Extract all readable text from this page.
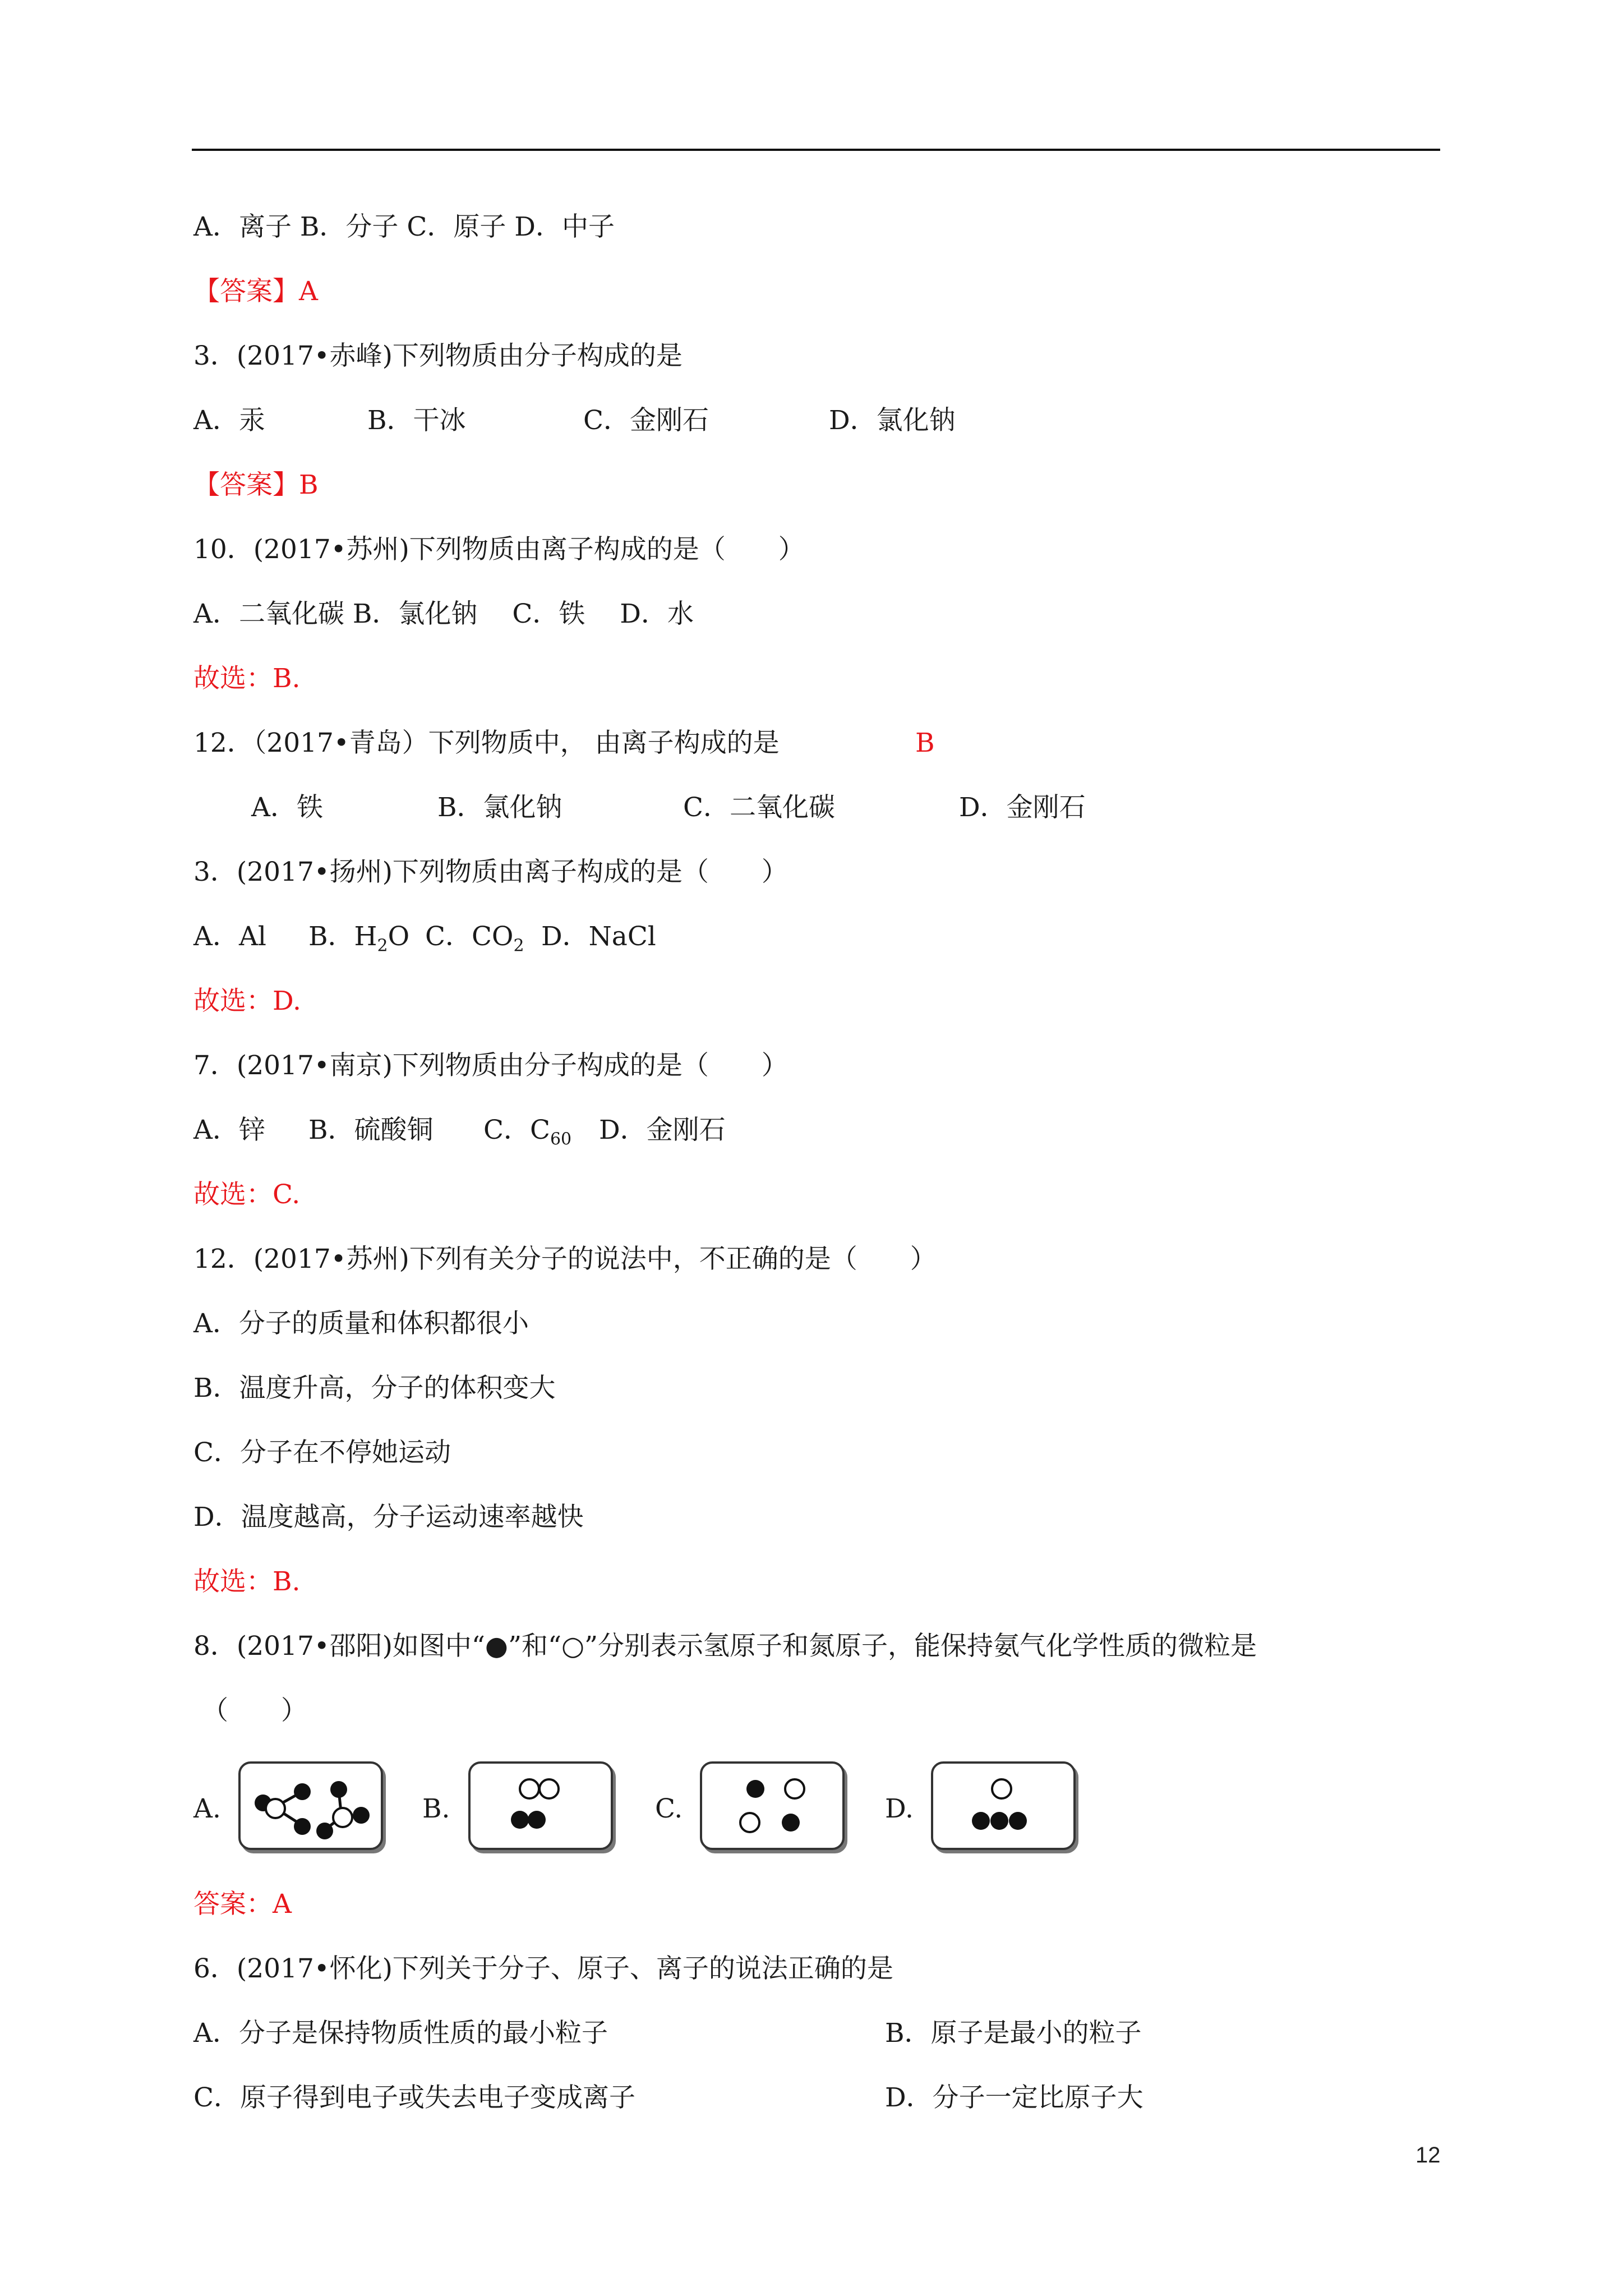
A．离子 B．分子 C．原子 D．中子
【答案】A
3．(2017•赤峰)下列物质由分子构成的是
A．汞	B．干冰	C．金刚石	D．氯化钠
【答案】B
10．(2017•苏州)下列物质由离子构成的是（　　）
A．二氧化碳 B．氯化钠　 C．铁　 D．水
故选：B.
12．（2017•青岛）下列物质中， 由离子构成的是	B
A．铁	B．氯化钠	C．二氧化碳	D．金刚石
3．(2017•扬州)下列物质由离子构成的是（　　）
A．Al B．$H_2O$ C．$CO_2$ D．NaCl
故选：D.
7．(2017•南京)下列物质由分子构成的是（　　）
A．锌 B．硫酸铜 C．$C_{60}$ D．金刚石
故选：C.
12．(2017•苏州)下列有关分子的说法中，不正确的是（　　）
A．分子的质量和体积都很小
B．温度升高，分子的体积变大
C．分子在不停她运动
D．温度越高，分子运动速率越快
故选：B.
8．(2017•邵阳)如图中“●”和“○”分别表示氢原子和氮原子，能保持氨气化学性质的微粒是
（　　）
A.	B.	C.	D.
答案：A
6．(2017•怀化)下列关于分子、原子、离子的说法正确的是
A．分子是保持物质性质的最小粒子	B．原子是最小的粒子
C．原子得到电子或失去电子变成离子	D．分子一定比原子大
12
